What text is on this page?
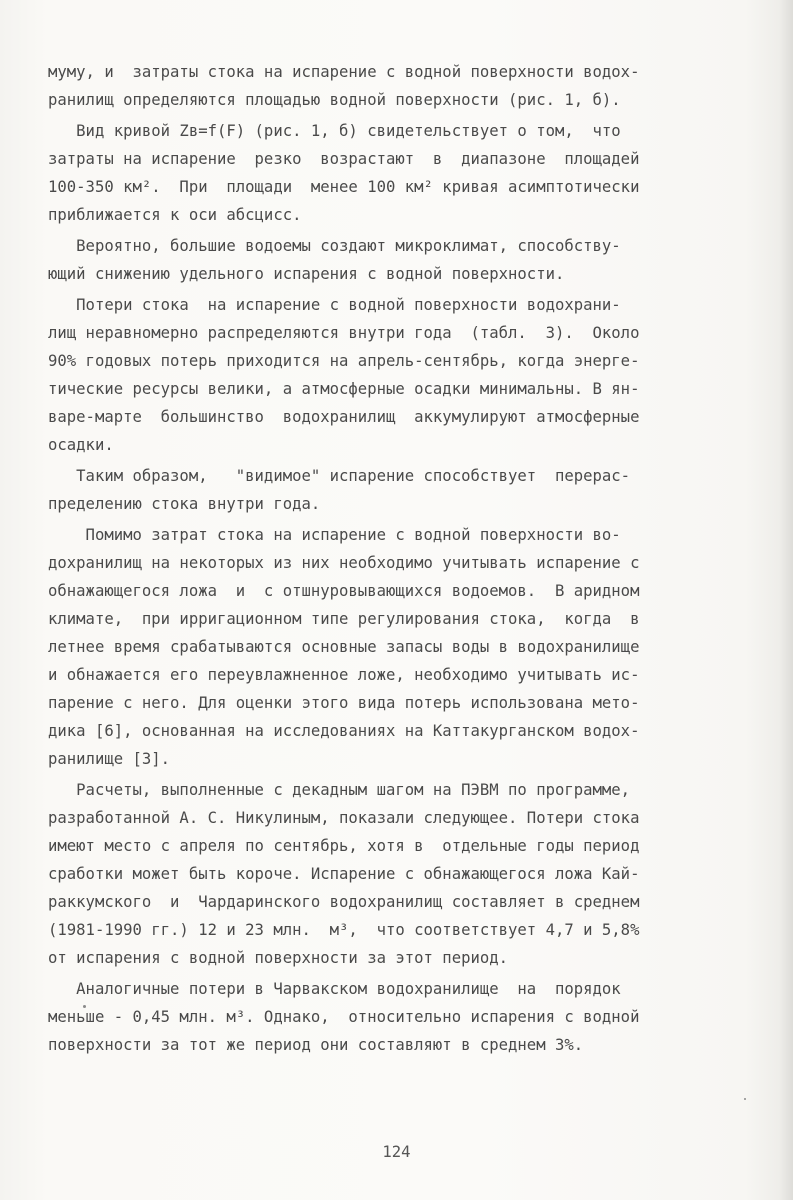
муму, и  затраты стока на испарение с водной поверхности водох-
ранилищ определяются площадью водной поверхности (рис. 1, б).
Вид кривой Zв=f(F) (рис. 1, б) свидетельствует о том,  что
затраты на испарение  резко  возрастают  в  диапазоне  площадей
100-350 км².  При  площади  менее 100 км² кривая асимптотически
приближается к оси абсцисс.
Вероятно, большие водоемы создают микроклимат, способству-
ющий снижению удельного испарения с водной поверхности.
Потери стока  на испарение с водной поверхности водохрани-
лищ неравномерно распределяются внутри года  (табл.  3).  Около
90% годовых потерь приходится на апрель-сентябрь, когда энерге-
тические ресурсы велики, а атмосферные осадки минимальны. В ян-
варе-марте  большинство  водохранилищ  аккумулируют атмосферные
осадки.
Таким образом,   "видимое" испарение способствует  перерас-
пределению стока внутри года.
Помимо затрат стока на испарение с водной поверхности во-
дохранилищ на некоторых из них необходимо учитывать испарение с
обнажающегося ложа  и  с отшнуровывающихся водоемов.  В аридном
климате,  при ирригационном типе регулирования стока,  когда  в
летнее время срабатываются основные запасы воды в водохранилище
и обнажается его переувлажненное ложе, необходимо учитывать ис-
парение с него. Для оценки этого вида потерь использована мето-
дика [6], основанная на исследованиях на Каттакурганском водох-
ранилище [3].
Расчеты, выполненные с декадным шагом на ПЭВМ по программе,
разработанной А. С. Никулиным, показали следующее. Потери стока
имеют место с апреля по сентябрь, хотя в  отдельные годы период
сработки может быть короче. Испарение с обнажающегося ложа Кай-
раккумского  и  Чардаринского водохранилищ составляет в среднем
(1981-1990 гг.) 12 и 23 млн.  м³,  что соответствует 4,7 и 5,8%
от испарения с водной поверхности за этот период.
Аналогичные потери в Чарвакском водохранилище  на  порядок
меньше - 0,45 млн. м³. Однако,  относительно испарения с водной
поверхности за тот же период они составляют в среднем 3%.
124
